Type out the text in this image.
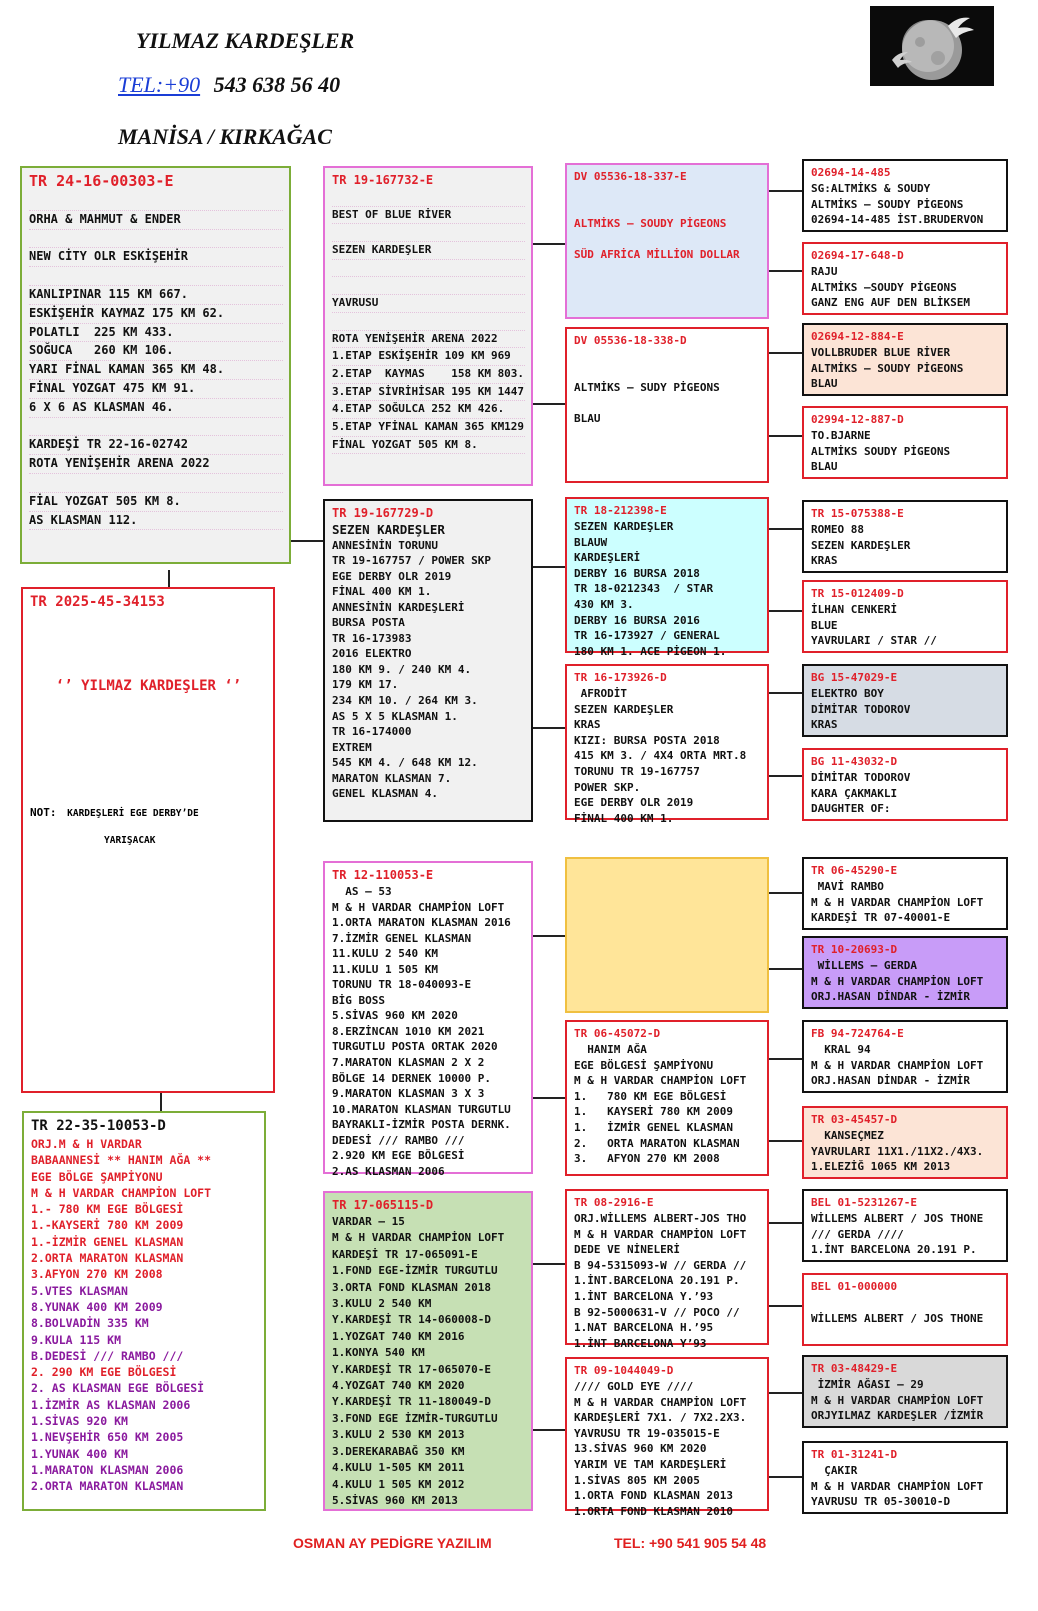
YILMAZ KARDEŞLER
TEL:+90 543 638 56 40
MANİSA / KIRKAĞAC
TR 2025-45-34153
‘’ YILMAZ KARDEŞLER ‘’
NOT: KARDEŞLERİ EGE DERBY’DE
YARIŞACAK
OSMAN AY PEDİGRE YAZILIM	TEL: +90 541 905 54 48
TR 24-16-00303-E
ORHA & MAHMUT & ENDER
NEW CİTY OLR ESKİŞEHİR
KANLIPINAR 115 KM 667.
ESKİŞEHİR KAYMAZ 175 KM 62.
POLATLI  225 KM 433.
SOĞUCA   260 KM 106.
YARI FİNAL KAMAN 365 KM 48.
FİNAL YOZGAT 475 KM 91.
6 X 6 AS KLASMAN 46.
KARDEŞİ TR 22-16-02742
ROTA YENİŞEHİR ARENA 2022
FİAL YOZGAT 505 KM 8.
AS KLASMAN 112.
TR 22-35-10053-D
ORJ.M & H VARDAR
BABAANNESİ ** HANIM AĞA **
EGE BÖLGE ŞAMPİYONU
M & H VARDAR CHAMPİON LOFT
1.- 780 KM EGE BÖLGESİ
1.-KAYSERİ 780 KM 2009
1.-İZMİR GENEL KLASMAN
2.ORTA MARATON KLASMAN
3.AFYON 270 KM 2008
5.VTES KLASMAN
8.YUNAK 400 KM 2009
8.BOLVADİN 335 KM
9.KULA 115 KM
B.DEDESİ /// RAMBO ///
2. 290 KM EGE BÖLGESİ
2. AS KLASMAN EGE BÖLGESİ
1.İZMİR AS KLASMAN 2006
1.SİVAS 920 KM
1.NEVŞEHİR 650 KM 2005
1.YUNAK 400 KM
1.MARATON KLASMAN 2006
2.ORTA MARATON KLASMAN
TR 19-167732-E
BEST OF BLUE RİVER
SEZEN KARDEŞLER
YAVRUSU
ROTA YENİŞEHİR ARENA 2022
1.ETAP ESKİŞEHİR 109 KM 969
2.ETAP  KAYMAS    158 KM 803.
3.ETAP SİVRİHİSAR 195 KM 1447
4.ETAP SOĞULCA 252 KM 426.
5.ETAP YFİNAL KAMAN 365 KM129
FİNAL YOZGAT 505 KM 8.
TR 19-167729-D
SEZEN KARDEŞLER
ANNESİNİN TORUNU
TR 19-167757 / POWER SKP
EGE DERBY OLR 2019
FİNAL 400 KM 1.
ANNESİNİN KARDEŞLERİ
BURSA POSTA
TR 16-173983
2016 ELEKTRO
180 KM 9. / 240 KM 4.
179 KM 17.
234 KM 10. / 264 KM 3.
AS 5 X 5 KLASMAN 1.
TR 16-174000
EXTREM
545 KM 4. / 648 KM 12.
MARATON KLASMAN 7.
GENEL KLASMAN 4.
TR 12-110053-E
AS – 53
M & H VARDAR CHAMPİON LOFT
1.ORTA MARATON KLASMAN 2016
7.İZMİR GENEL KLASMAN
11.KULU 2 540 KM
11.KULU 1 505 KM
TORUNU TR 18-040093-E
BİG BOSS
5.SİVAS 960 KM 2020
8.ERZİNCAN 1010 KM 2021
TURGUTLU POSTA ORTAK 2020
7.MARATON KLASMAN 2 X 2
BÖLGE 14 DERNEK 10000 P.
9.MARATON KLASMAN 3 X 3
10.MARATON KLASMAN TURGUTLU
BAYRAKLI-İZMİR POSTA DERNK.
DEDESİ /// RAMBO ///
2.920 KM EGE BÖLGESİ
2.AS KLASMAN 2006
TR 17-065115-D
VARDAR – 15
M & H VARDAR CHAMPİON LOFT
KARDEŞİ TR 17-065091-E
1.FOND EGE-İZMİR TURGUTLU
3.ORTA FOND KLASMAN 2018
3.KULU 2 540 KM
Y.KARDEŞİ TR 14-060008-D
1.YOZGAT 740 KM 2016
1.KONYA 540 KM
Y.KARDEŞİ TR 17-065070-E
4.YOZGAT 740 KM 2020
Y.KARDEŞİ TR 11-180049-D
3.FOND EGE İZMİR-TURGUTLU
3.KULU 2 530 KM 2013
3.DEREKARABAĞ 350 KM
4.KULU 1-505 KM 2011
4.KULU 1 505 KM 2012
5.SİVAS 960 KM 2013
DV 05536-18-337-E
ALTMİKS – SOUDY PİGEONS
SÜD AFRİCA MİLLİON DOLLAR
DV 05536-18-338-D
ALTMİKS – SUDY PİGEONS
BLAU
TR 18-212398-E
SEZEN KARDEŞLER
BLAUW
KARDEŞLERİ
DERBY 16 BURSA 2018
TR 18-0212343  / STAR
430 KM 3.
DERBY 16 BURSA 2016
TR 16-173927 / GENERAL
180 KM 1. ACE PİGEON 1.
TR 16-173926-D
AFRODİT
SEZEN KARDEŞLER
KRAS
KIZI: BURSA POSTA 2018
415 KM 3. / 4X4 ORTA MRT.8
TORUNU TR 19-167757
POWER SKP.
EGE DERBY OLR 2019
FİNAL 400 KM 1.
TR 06-45072-D
HANIM AĞA
EGE BÖLGESİ ŞAMPİYONU
M & H VARDAR CHAMPİON LOFT
1.   780 KM EGE BÖLGESİ
1.   KAYSERİ 780 KM 2009
1.   İZMİR GENEL KLASMAN
2.   ORTA MARATON KLASMAN
3.   AFYON 270 KM 2008
TR 08-2916-E
ORJ.WİLLEMS ALBERT-JOS THO
M & H VARDAR CHAMPİON LOFT
DEDE VE NİNELERİ
B 94-5315093-W // GERDA //
1.İNT.BARCELONA 20.191 P.
1.İNT BARCELONA Y.’93
B 92-5000631-V // POCO //
1.NAT BARCELONA H.’95
1.İNT BARCELONA Y’93
TR 09-1044049-D
//// GOLD EYE ////
M & H VARDAR CHAMPİON LOFT
KARDEŞLERİ 7X1. / 7X2.2X3.
YAVRUSU TR 19-035015-E
13.SİVAS 960 KM 2020
YARIM VE TAM KARDEŞLERİ
1.SİVAS 805 KM 2005
1.ORTA FOND KLASMAN 2013
1.ORTA FOND KLASMAN 2010
02694-14-485
SG:ALTMİKS & SOUDY
ALTMİKS – SOUDY PİGEONS
02694-14-485 İST.BRUDERVON
02694-17-648-D
RAJU
ALTMİKS –SOUDY PİGEONS
GANZ ENG AUF DEN BLİKSEM
02694-12-884-E
VOLLBRUDER BLUE RİVER
ALTMİKS – SOUDY PİGEONS
BLAU
02994-12-887-D
TO.BJARNE
ALTMİKS SOUDY PİGEONS
BLAU
TR 15-075388-E
ROMEO 88
SEZEN KARDEŞLER
KRAS
TR 15-012409-D
İLHAN CENKERİ
BLUE
YAVRULARI / STAR //
BG 15-47029-E
ELEKTRO BOY
DİMİTAR TODOROV
KRAS
BG 11-43032-D
DİMİTAR TODOROV
KARA ÇAKMAKLI
DAUGHTER OF:
TR 06-45290-E
MAVİ RAMBO
M & H VARDAR CHAMPİON LOFT
KARDEŞİ TR 07-40001-E
TR 10-20693-D
WİLLEMS – GERDA
M & H VARDAR CHAMPİON LOFT
ORJ.HASAN DİNDAR - İZMİR
FB 94-724764-E
KRAL 94
M & H VARDAR CHAMPİON LOFT
ORJ.HASAN DİNDAR - İZMİR
TR 03-45457-D
KANSEÇMEZ
YAVRULARI 11X1./11X2./4X3.
1.ELEZİĞ 1065 KM 2013
BEL 01-5231267-E
WİLLEMS ALBERT / JOS THONE
/// GERDA ////
1.İNT BARCELONA 20.191 P.
BEL 01-000000
WİLLEMS ALBERT / JOS THONE
TR 03-48429-E
İZMİR AĞASI – 29
M & H VARDAR CHAMPİON LOFT
ORJYILMAZ KARDEŞLER /İZMİR
TR 01-31241-D
ÇAKIR
M & H VARDAR CHAMPİON LOFT
YAVRUSU TR 05-30010-D
